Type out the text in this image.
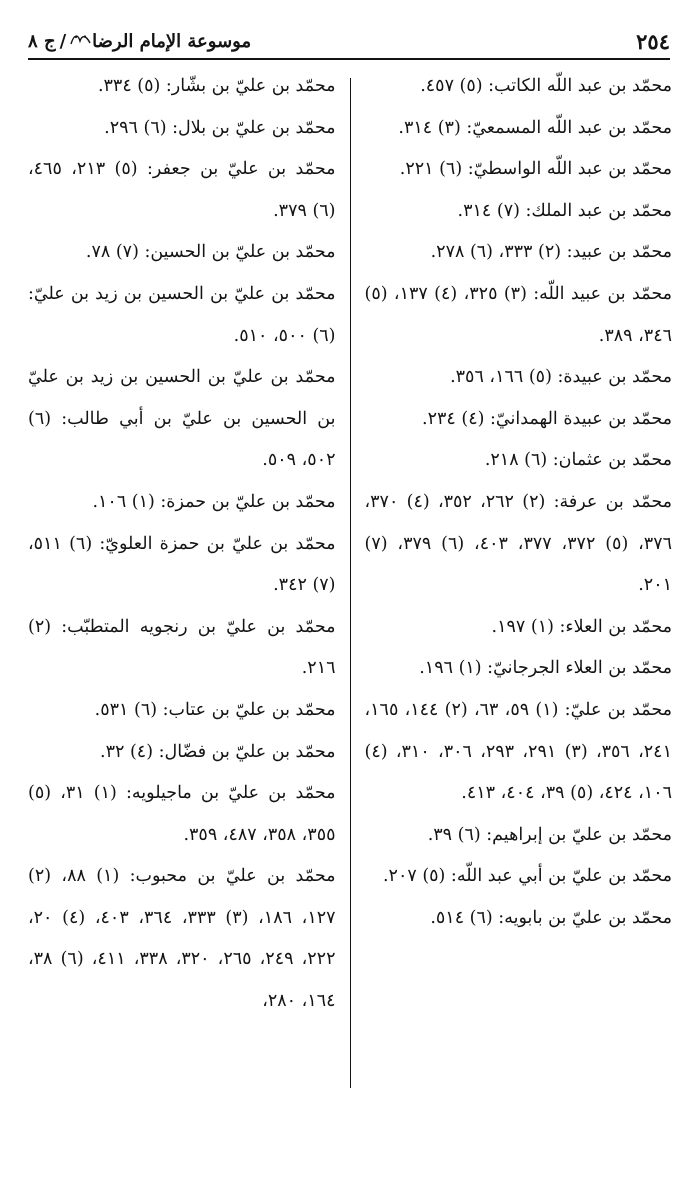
٢٥٤
موسوعة الإمام الرضا/ج ٨

محمّد بن عبد اللّه الكاتب: (٥) ٤٥٧.

محمّد بن عبد اللّه المسمعيّ: (٣) ٣١٤.

محمّد بن عبد اللّه الواسطيّ: (٦) ٢٢١.

محمّد بن عبد الملك: (٧) ٣١٤.

محمّد بن عبيد: (٢) ٣٣٣، (٦) ٢٧٨.

محمّد بن عبيد اللّه: (٣) ٣٢٥، (٤) ١٣٧، (٥) ٣٤٦، ٣٨٩.

محمّد بن عبيدة: (٥) ١٦٦، ٣٥٦.

محمّد بن عبيدة الهمدانيّ: (٤) ٢٣٤.

محمّد بن عثمان: (٦) ٢١٨.

محمّد بن عرفة: (٢) ٢٦٢، ٣٥٢، (٤) ٣٧٠، ٣٧٦، (٥) ٣٧٢، ٣٧٧، ٤٠٣، (٦) ٣٧٩، (٧) ٢٠١.

محمّد بن العلاء: (١) ١٩٧.

محمّد بن العلاء الجرجانيّ: (١) ١٩٦.

محمّد بن عليّ: (١) ٥٩، ٦٣، (٢) ١٤٤، ١٦٥، ٢٤١، ٣٥٦، (٣) ٢٩١، ٢٩٣، ٣٠٦، ٣١٠، (٤) ١٠٦، ٤٢٤، (٥) ٣٩، ٤٠٤، ٤١٣.

محمّد بن عليّ بن إبراهيم: (٦) ٣٩.

محمّد بن عليّ بن أبي عبد اللّه: (٥) ٢٠٧.

محمّد بن عليّ بن بابويه: (٦) ٥١٤.

محمّد بن عليّ بن بشّار: (٥) ٣٣٤.

محمّد بن عليّ بن بلال: (٦) ٢٩٦.

محمّد بن عليّ بن جعفر: (٥) ٢١٣، ٤٦٥، (٦) ٣٧٩.

محمّد بن عليّ بن الحسين: (٧) ٧٨.

محمّد بن عليّ بن الحسين بن زيد بن عليّ: (٦) ٥٠٠، ٥١٠.

محمّد بن عليّ بن الحسين بن زيد بن عليّ بن الحسين بن عليّ بن أبي طالب: (٦) ٥٠٢، ٥٠٩.

محمّد بن عليّ بن حمزة: (١) ١٠٦.

محمّد بن عليّ بن حمزة العلويّ: (٦) ٥١١، (٧) ٣٤٢.

محمّد بن عليّ بن رنجويه المتطبّب: (٢) ٢١٦.

محمّد بن عليّ بن عتاب: (٦) ٥٣١.

محمّد بن عليّ بن فضّال: (٤) ٣٢.

محمّد بن عليّ بن ماجيلويه: (١) ٣١، (٥) ٣٥٥، ٣٥٨، ٤٨٧، ٣٥٩.

محمّد بن عليّ بن محبوب: (١) ٨٨، (٢) ١٢٧، ١٨٦، (٣) ٣٣٣، ٣٦٤، ٤٠٣، (٤) ٢٠، ٢٢٢، ٢٤٩، ٢٦٥، ٣٢٠، ٣٣٨، ٤١١، (٦) ٣٨، ١٦٤، ٢٨٠،
